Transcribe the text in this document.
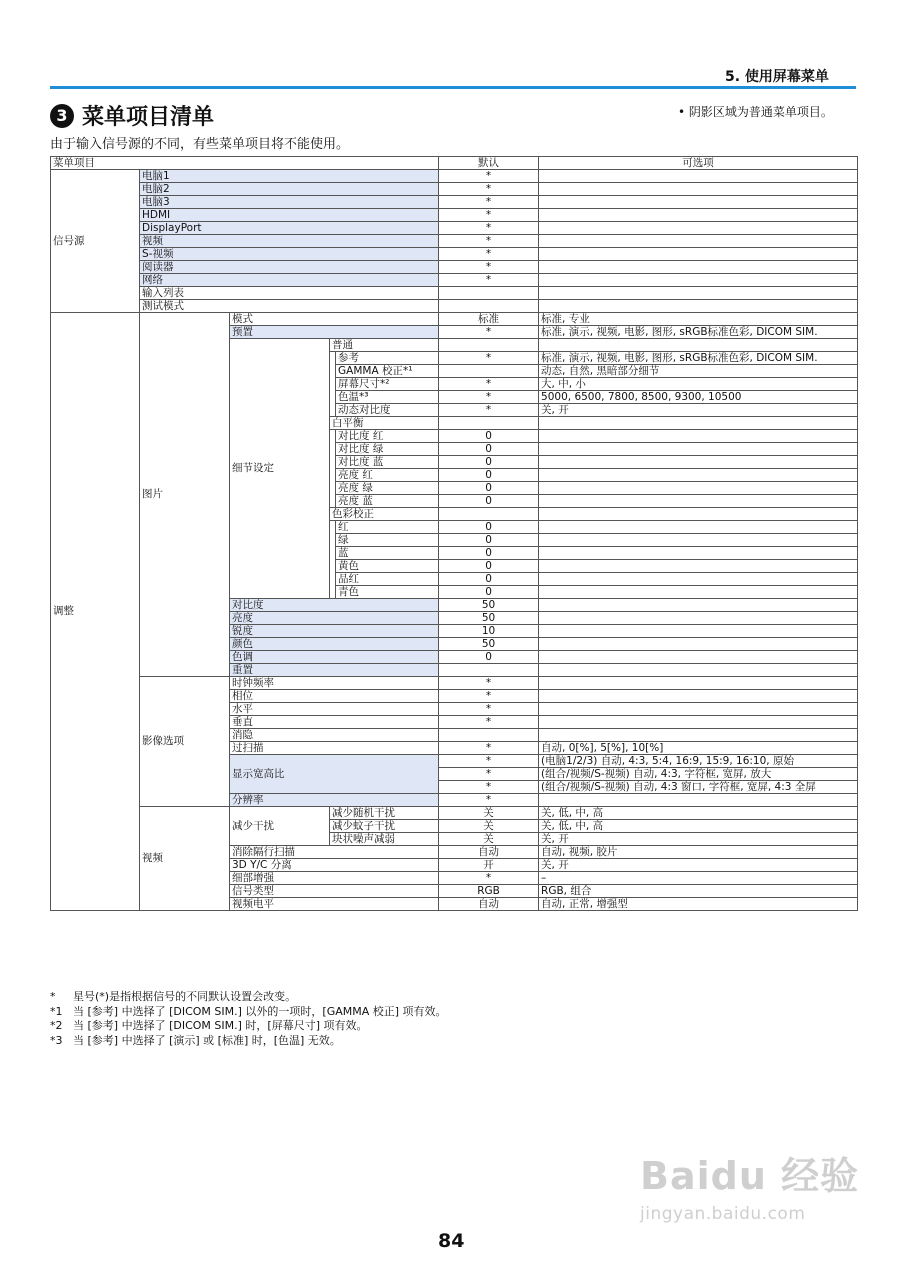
5. 使用屏幕菜单
3 菜单项目清单	• 阴影区域为普通菜单项目。
由于输入信号源的不同，有些菜单项目将不能使用。
菜单项目					默认	可选项
信号源	电脑1				*	
	电脑2				*	
	电脑3				*	
	HDMI				*	
	DisplayPort				*	
	视频				*	
	S-视频				*	
	阅读器				*	
	网络				*	
	输入列表					
	测试模式					
调整	图片	模式			标准	标准, 专业
		预置			*	标准, 演示, 视频, 电影, 图形, sRGB标准色彩, DICOM SIM.
		细节设定	普通			
				参考	*	标准, 演示, 视频, 电影, 图形, sRGB标准色彩, DICOM SIM.
				GAMMA 校正*¹		动态, 自然, 黑暗部分细节
				屏幕尺寸*²	*	大, 中, 小
				色温*³	*	5000, 6500, 7800, 8500, 9300, 10500
				动态对比度	*	关, 开
			白平衡			
				对比度 红	0	
				对比度 绿	0	
				对比度 蓝	0	
				亮度 红	0	
				亮度 绿	0	
				亮度 蓝	0	
			色彩校正			
				红	0	
				绿	0	
				蓝	0	
				黄色	0	
				品红	0	
				青色	0	
		对比度			50	
		亮度			50	
		锐度			10	
		颜色			50	
		色调			0	
		重置				
	影像选项	时钟频率			*	
		相位			*	
		水平			*	
		垂直			*	
		消隐				
		过扫描			*	自动, 0[%], 5[%], 10[%]
		显示宽高比			*	(电脑1/2/3) 自动, 4:3, 5:4, 16:9, 15:9, 16:10, 原始
					*	(组合/视频/S-视频) 自动, 4:3, 字符框, 宽屏, 放大
					*	(组合/视频/S-视频) 自动, 4:3 窗口, 字符框, 宽屏, 4:3 全屏
		分辨率			*	
	视频	减少干扰	减少随机干扰		关	关, 低, 中, 高
			减少蚊子干扰		关	关, 低, 中, 高
			块状噪声减弱		关	关, 开
		消除隔行扫描			自动	自动, 视频, 胶片
		3D Y/C 分离			开	关, 开
		细部增强			*	–
		信号类型			RGB	RGB, 组合
		视频电平			自动	自动, 正常, 增强型
*	星号(*)是指根据信号的不同默认设置会改变。
*1 当 [参考] 中选择了 [DICOM SIM.] 以外的一项时，[GAMMA 校正] 项有效。
*2 当 [参考] 中选择了 [DICOM SIM.] 时，[屏幕尺寸] 项有效。
*3 当 [参考] 中选择了 [演示] 或 [标准] 时，[色温] 无效。
Baidu 经验
jingyan.baidu.com
84
